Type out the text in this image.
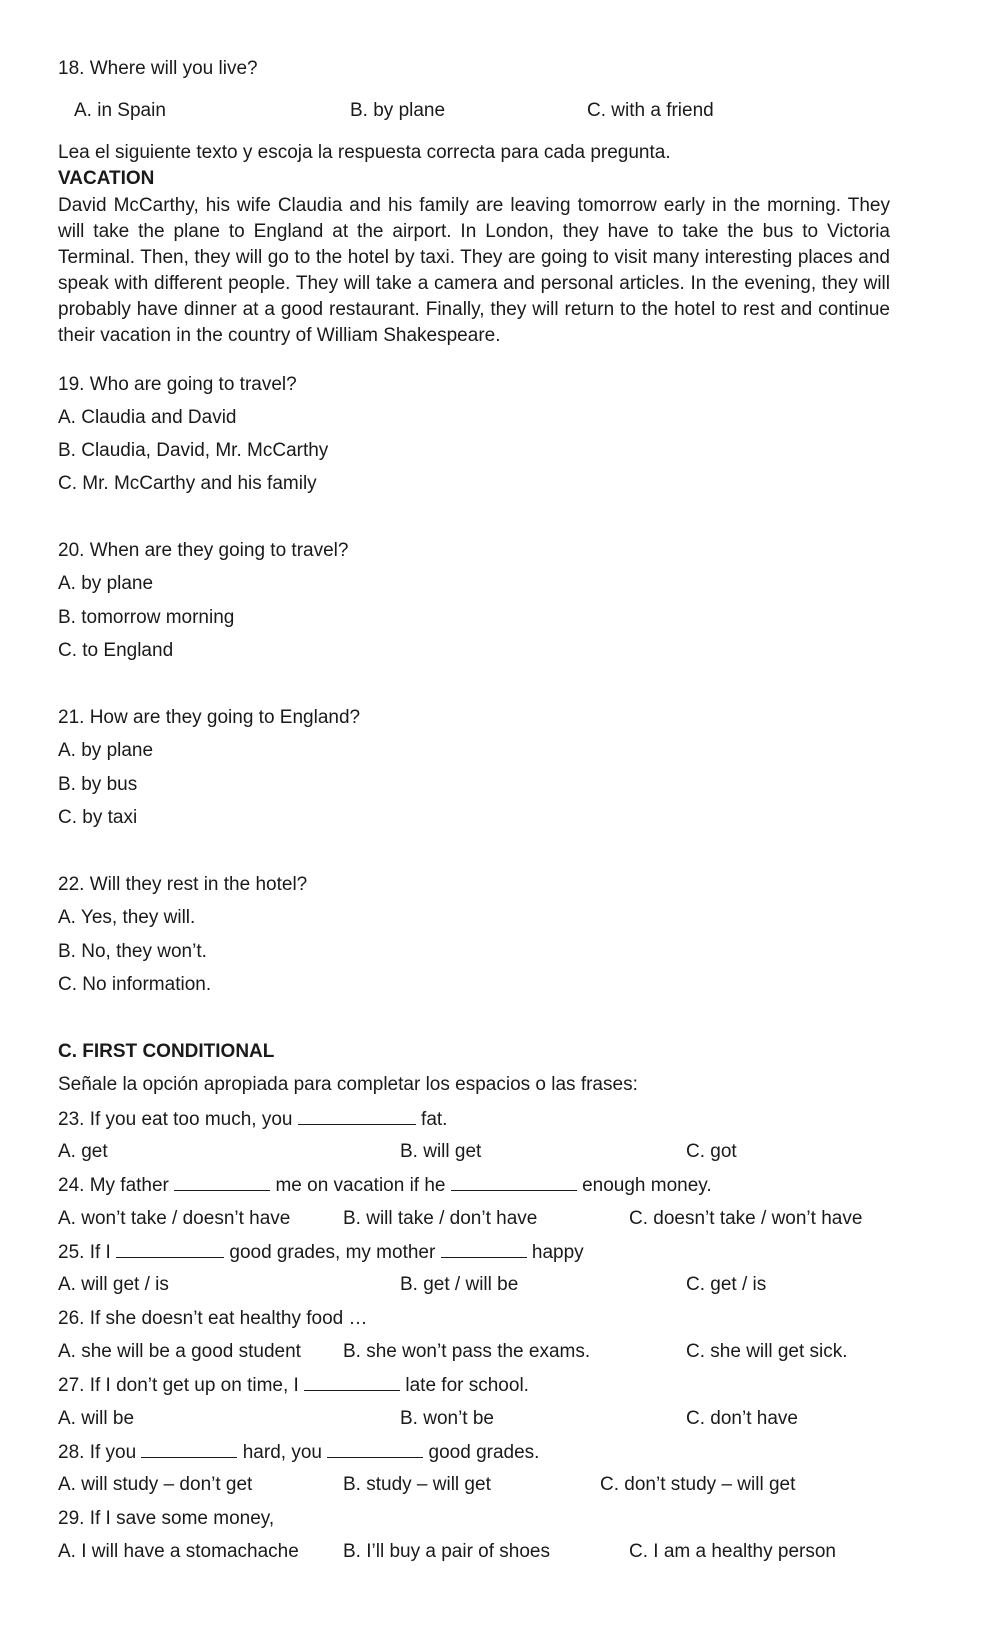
18. Where will you live?
A. in Spain	B. by plane	C. with a friend
Lea el siguiente texto y escoja la respuesta correcta para cada pregunta.
VACATION
David McCarthy, his wife Claudia and his family are leaving tomorrow early in the morning. They will take the plane to England at the airport. In London, they have to take the bus to Victoria Terminal. Then, they will go to the hotel by taxi. They are going to visit many interesting places and speak with different people. They will take a camera and personal articles. In the evening, they will probably have dinner at a good restaurant. Finally, they will return to the hotel to rest and continue their vacation in the country of William Shakespeare.
19. Who are going to travel?
A. Claudia and David
B. Claudia, David, Mr. McCarthy
C. Mr. McCarthy and his family
20. When are they going to travel?
A. by plane
B. tomorrow morning
C. to England
21. How are they going to England?
A. by plane
B. by bus
C. by taxi
22. Will they rest in the hotel?
A. Yes, they will.
B. No, they won’t.
C. No information.
C. FIRST CONDITIONAL
Señale la opción apropiada para completar los espacios o las frases:
23. If you eat too much, you	fat.
A. get	B. will get	C. got
24. My father	me on vacation if he	enough money.
A. won’t take / doesn’t have	B. will take / don’t have	C. doesn’t take / won’t have
25. If I	good grades, my mother	happy
A. will get / is	B. get / will be	C. get / is
26. If she doesn’t eat healthy food …
A. she will be a good student B. she won’t pass the exams.	C. she will get sick.
27. If I don’t get up on time, I	late for school.
A. will be	B. won’t be	C. don’t have
28. If you	hard, you	good grades.
A. will study – don’t get	B. study – will get	C. don’t study – will get
29. If I save some money,
A. I will have a stomachache B. I’ll buy a pair of shoes	C. I am a healthy person
